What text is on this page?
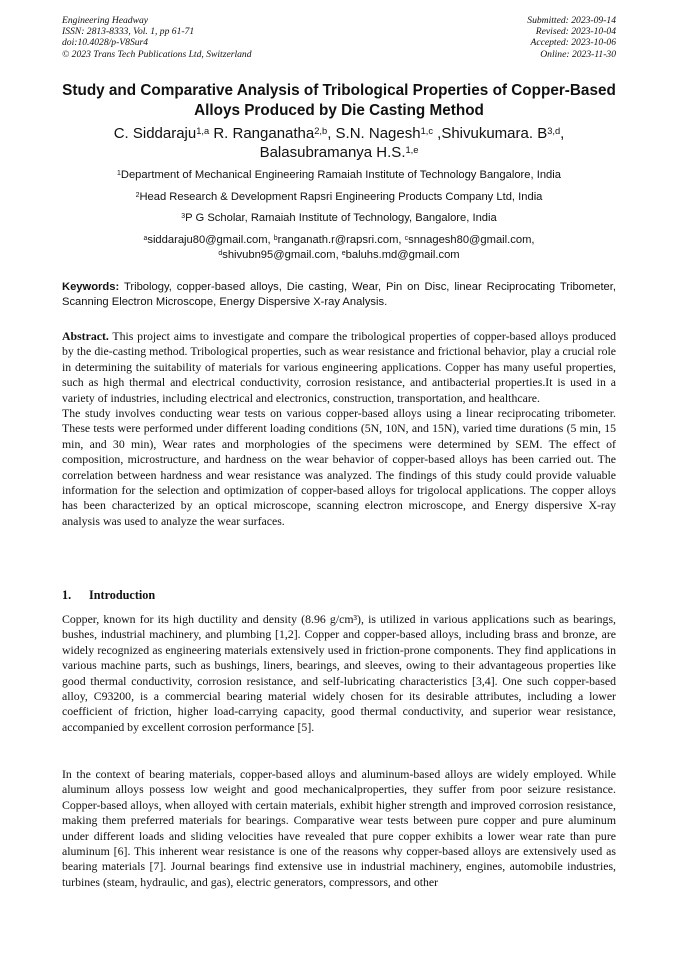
Engineering Headway
ISSN: 2813-8333, Vol. 1, pp 61-71
doi:10.4028/p-V8Sur4
© 2023 Trans Tech Publications Ltd, Switzerland
Submitted: 2023-09-14
Revised: 2023-10-04
Accepted: 2023-10-06
Online: 2023-11-30
Study and Comparative Analysis of Tribological Properties of Copper-Based Alloys Produced by Die Casting Method
C. Siddaraju$^{1,a}$ R. Ranganatha$^{2,b}$, S.N. Nagesh$^{1,c}$ ,Shivukumara. B$^{3,d}$,
Balasubramanya H.S.$^{1,e}$
$^1$Department of Mechanical Engineering Ramaiah Institute of Technology Bangalore, India
$^2$Head Research & Development Rapsri Engineering Products Company Ltd, India
$^3$P G Scholar, Ramaiah Institute of Technology, Bangalore, India
$^a$siddaraju80@gmail.com, $^b$ranganath.r@rapsri.com, $^c$snnagesh80@gmail.com,
$^d$shivubn95@gmail.com, $^e$baluhs.md@gmail.com
Keywords: Tribology, copper-based alloys, Die casting, Wear, Pin on Disc, linear Reciprocating Tribometer, Scanning Electron Microscope, Energy Dispersive X-ray Analysis.

Abstract. This project aims to investigate and compare the tribological properties of copper-based alloys produced by the die-casting method. Tribological properties, such as wear resistance and frictional behavior, play a crucial role in determining the suitability of materials for various engineering applications. Copper has many useful properties, such as high thermal and electrical conductivity, corrosion resistance, and antibacterial properties.It is used in a variety of industries, including electrical and electronics, construction, transportation, and healthcare.

The study involves conducting wear tests on various copper-based alloys using a linear reciprocating tribometer. These tests were performed under different loading conditions (5N, 10N, and 15N), varied time durations (5 min, 15 min, and 30 min), Wear rates and morphologies of the specimens were determined by SEM. The effect of composition, microstructure, and hardness on the wear behavior of copper-based alloys has been carried out. The correlation between hardness and wear resistance was analyzed. The findings of this study could provide valuable information for the selection and optimization of copper-based alloys for trigolocal applications. The copper alloys has been characterized by an optical microscope, scanning electron microscope, and Energy dispersive X-ray analysis was used to analyze the wear surfaces.

1. Introduction

Copper, known for its high ductility and density (8.96 g/cm³), is utilized in various applications such as bearings, bushes, industrial machinery, and plumbing [1,2]. Copper and copper-based alloys, including brass and bronze, are widely recognized as engineering materials extensively used in friction-prone components. They find applications in various machine parts, such as bushings, liners, bearings, and sleeves, owing to their advantageous properties like good thermal conductivity, corrosion resistance, and self-lubricating characteristics [3,4]. One such copper-based alloy, C93200, is a commercial bearing material widely chosen for its desirable attributes, including a lower coefficient of friction, higher load-carrying capacity, good thermal conductivity, and superior wear resistance, accompanied by excellent corrosion performance [5].

In the context of bearing materials, copper-based alloys and aluminum-based alloys are widely employed. While aluminum alloys possess low weight and good mechanicalproperties, they suffer from poor seizure resistance. Copper-based alloys, when alloyed with certain materials, exhibit higher strength and improved corrosion resistance, making them preferred materials for bearings. Comparative wear tests between pure copper and pure aluminum under different loads and sliding velocities have revealed that pure copper exhibits a lower wear rate than pure aluminum [6]. This inherent wear resistance is one of the reasons why copper-based alloys are extensively used as bearing materials [7]. Journal bearings find extensive use in industrial machinery, engines, automobile industries, turbines (steam, hydraulic, and gas), electric generators, compressors, and other
